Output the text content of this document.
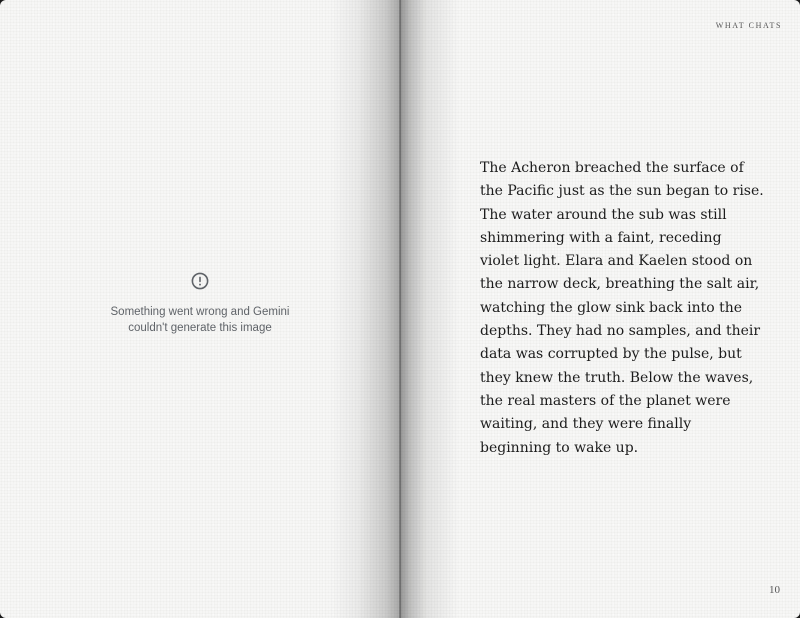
Something went wrong and Gemini
couldn't generate this image
WHAT CHATS
The Acheron breached the surface of
the Pacific just as the sun began to rise.
The water around the sub was still
shimmering with a faint, receding
violet light. Elara and Kaelen stood on
the narrow deck, breathing the salt air,
watching the glow sink back into the
depths. They had no samples, and their
data was corrupted by the pulse, but
they knew the truth. Below the waves,
the real masters of the planet were
waiting, and they were finally
beginning to wake up.
10
